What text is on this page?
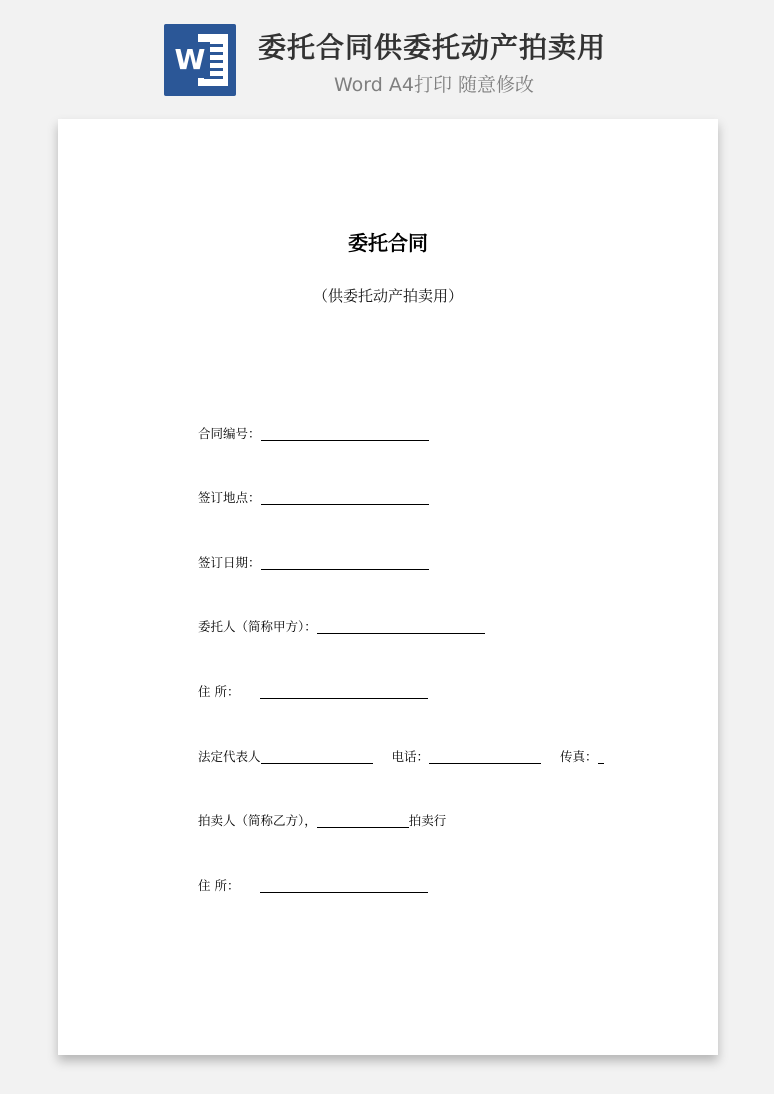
W 委托合同供委托动产拍卖用
Word A4打印 随意修改
委托合同
（供委托动产拍卖用）
合同编号：
签订地点：
签订日期：
委托人（简称甲方）：
住 所：
法定代表人	电话：	传真：
拍卖人（简称乙方），	拍卖行
住 所：
